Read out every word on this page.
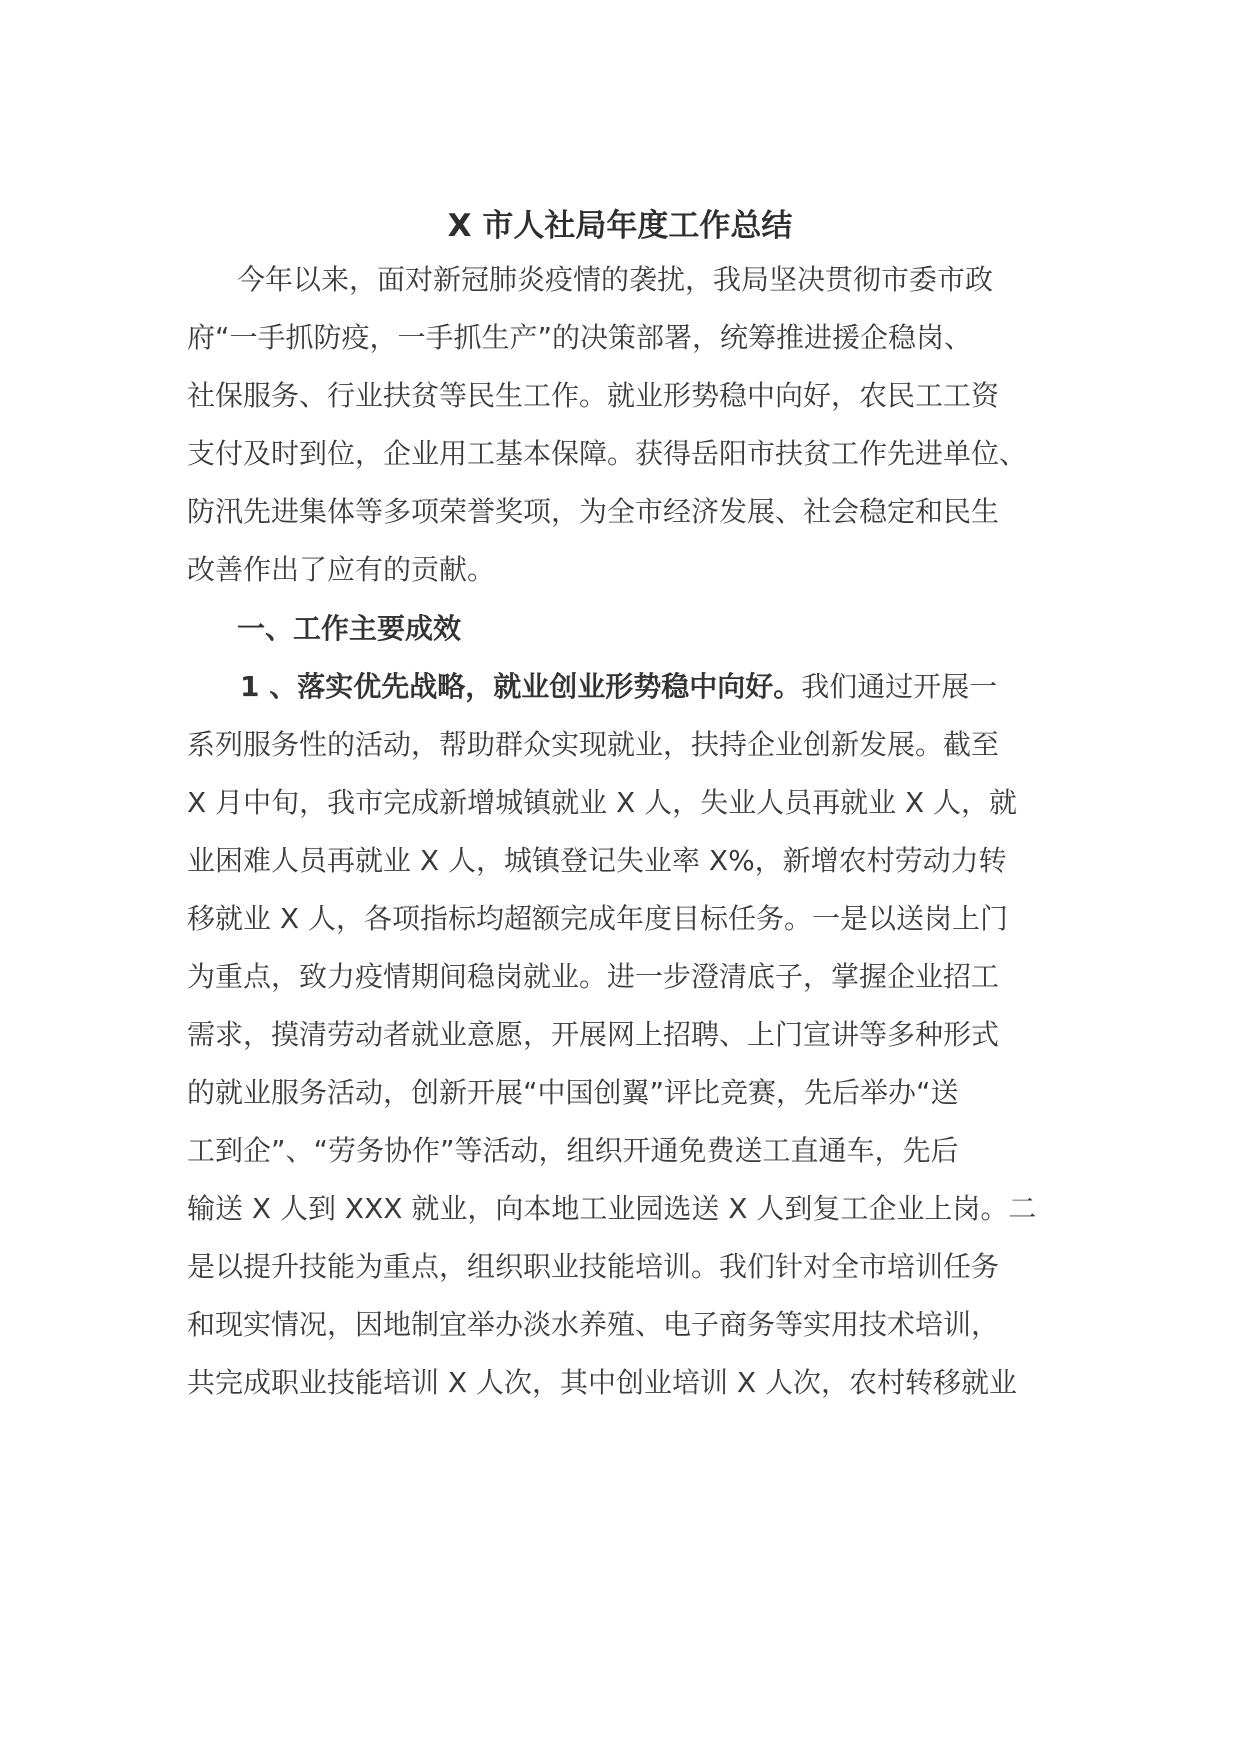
X 市人社局年度工作总结

今年以来，面对新冠肺炎疫情的袭扰，我局坚决贯彻市委市政

府“一手抓防疫，一手抓生产”的决策部署，统筹推进援企稳岗、

社保服务、行业扶贫等民生工作。就业形势稳中向好，农民工工资

支付及时到位，企业用工基本保障。获得岳阳市扶贫工作先进单位、

防汛先进集体等多项荣誉奖项，为全市经济发展、社会稳定和民生

改善作出了应有的贡献。

一、工作主要成效

1 、落实优先战略，就业创业形势稳中向好。我们通过开展一

系列服务性的活动，帮助群众实现就业，扶持企业创新发展。截至

X 月中旬，我市完成新增城镇就业 X 人，失业人员再就业 X 人，就

业困难人员再就业 X 人，城镇登记失业率 X%，新增农村劳动力转

移就业 X 人，各项指标均超额完成年度目标任务。一是以送岗上门

为重点，致力疫情期间稳岗就业。进一步澄清底子，掌握企业招工

需求，摸清劳动者就业意愿，开展网上招聘、上门宣讲等多种形式

的就业服务活动，创新开展“中国创翼”评比竞赛，先后举办“送

工到企”、“劳务协作”等活动，组织开通免费送工直通车，先后

输送 X 人到 XXX 就业，向本地工业园选送 X 人到复工企业上岗。二

是以提升技能为重点，组织职业技能培训。我们针对全市培训任务

和现实情况，因地制宜举办淡水养殖、电子商务等实用技术培训，

共完成职业技能培训 X 人次，其中创业培训 X 人次，农村转移就业
